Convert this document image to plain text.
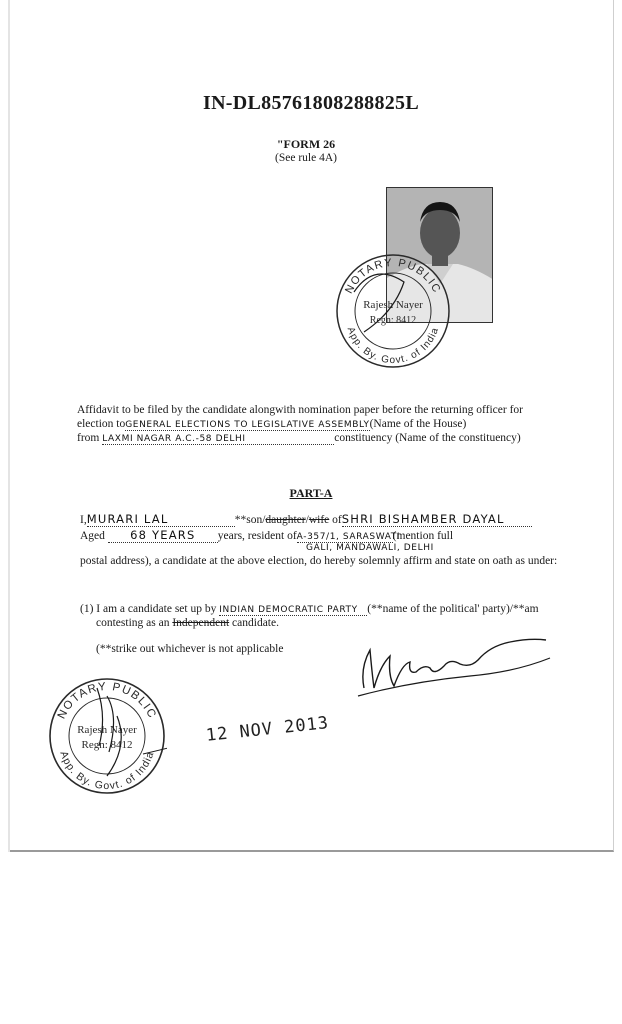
IN-DL85761808288825L
"FORM 26
(See rule 4A)
NOTARY PUBLIC
App. By. Govt. of India
Rajesh Nayer
Regn: 8412
Affidavit to be filed by the candidate alongwith nomination paper before the returning officer for
election toGENERAL ELECTIONS TO LEGISLATIVE ASSEMBLY(Name of the House)
from LAXMI NAGAR A.C.-58 DELHI	constituency (Name of the constituency)
PART-A
I,MURARI LAL	**son/daughter/wife ofSHRI BISHAMBER DAYAL
Aged 68 YEARS years, resident ofA-357/1, SARASWATI(mention full
GALI, MANDAWALI, DELHI
postal address), a candidate at the above election, do hereby solemnly affirm and state on oath as under:
(1) I am a candidate set up by INDIAN DEMOCRATIC PARTY (**name of the political' party)/**am
contesting as an Independent candidate.
(**strike out whichever is not applicable
NOTARY PUBLIC
App. By. Govt. of India
Rajesh Nayer
Regn: 8412	12 NOV 2013
